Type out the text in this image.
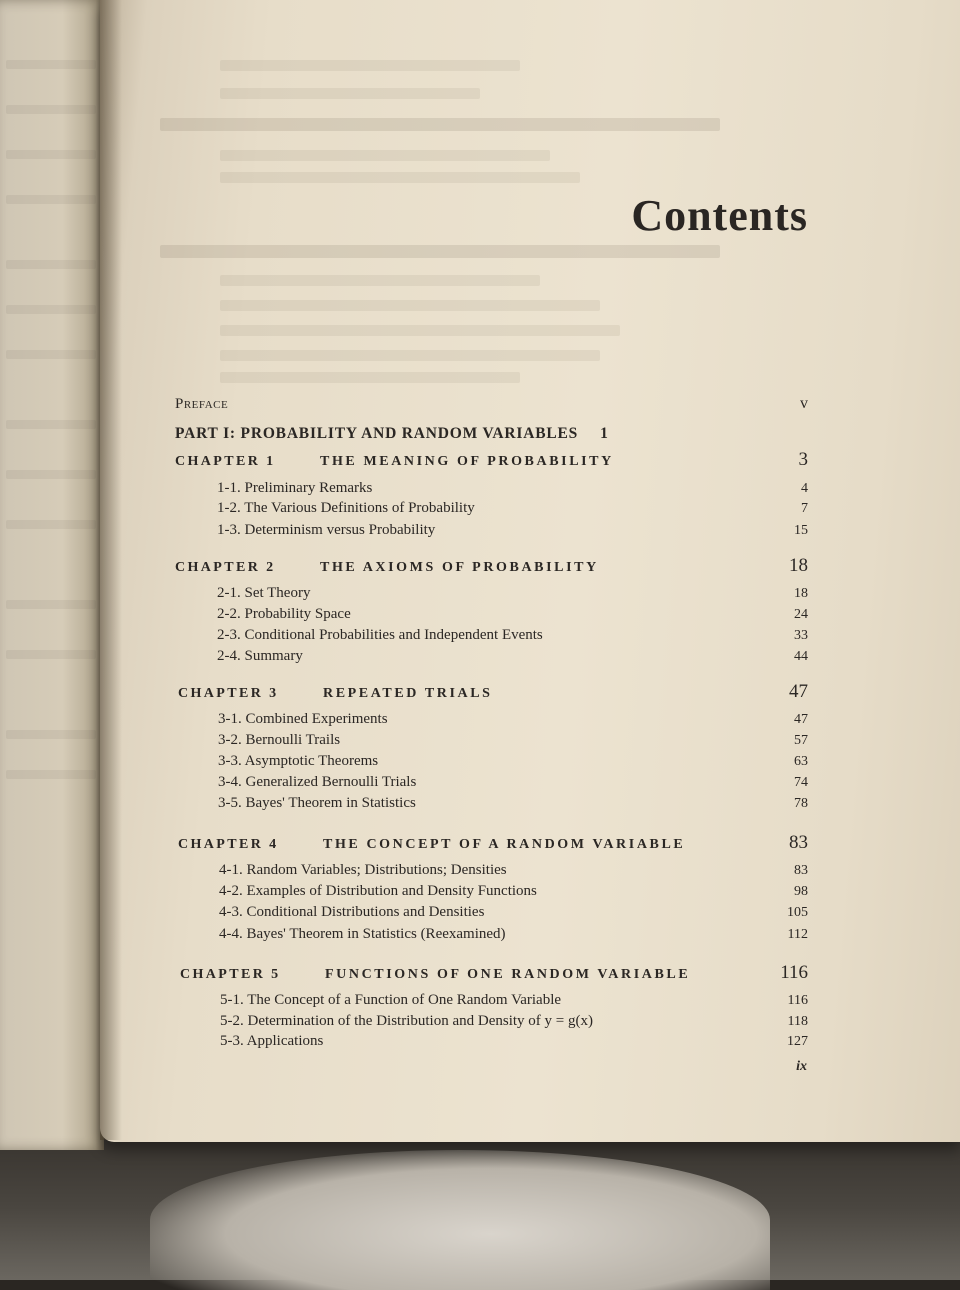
Contents
Preface	v
PART I: PROBABILITY AND RANDOM VARIABLES 1
CHAPTER 1	THE MEANING OF PROBABILITY	3
1-1. Preliminary Remarks	4
1-2. The Various Definitions of Probability	7
1-3. Determinism versus Probability	15
CHAPTER 2	THE AXIOMS OF PROBABILITY	18
2-1. Set Theory	18
2-2. Probability Space	24
2-3. Conditional Probabilities and Independent Events	33
2-4. Summary	44
CHAPTER 3	REPEATED TRIALS	47
3-1. Combined Experiments	47
3-2. Bernoulli Trails	57
3-3. Asymptotic Theorems	63
3-4. Generalized Bernoulli Trials	74
3-5. Bayes' Theorem in Statistics	78
CHAPTER 4	THE CONCEPT OF A RANDOM VARIABLE	83
4-1. Random Variables; Distributions; Densities	83
4-2. Examples of Distribution and Density Functions	98
4-3. Conditional Distributions and Densities	105
4-4. Bayes' Theorem in Statistics (Reexamined)	112
CHAPTER 5	FUNCTIONS OF ONE RANDOM VARIABLE	116
5-1. The Concept of a Function of One Random Variable	116
5-2. Determination of the Distribution and Density of y = g(x)	118
5-3. Applications	127

ix
